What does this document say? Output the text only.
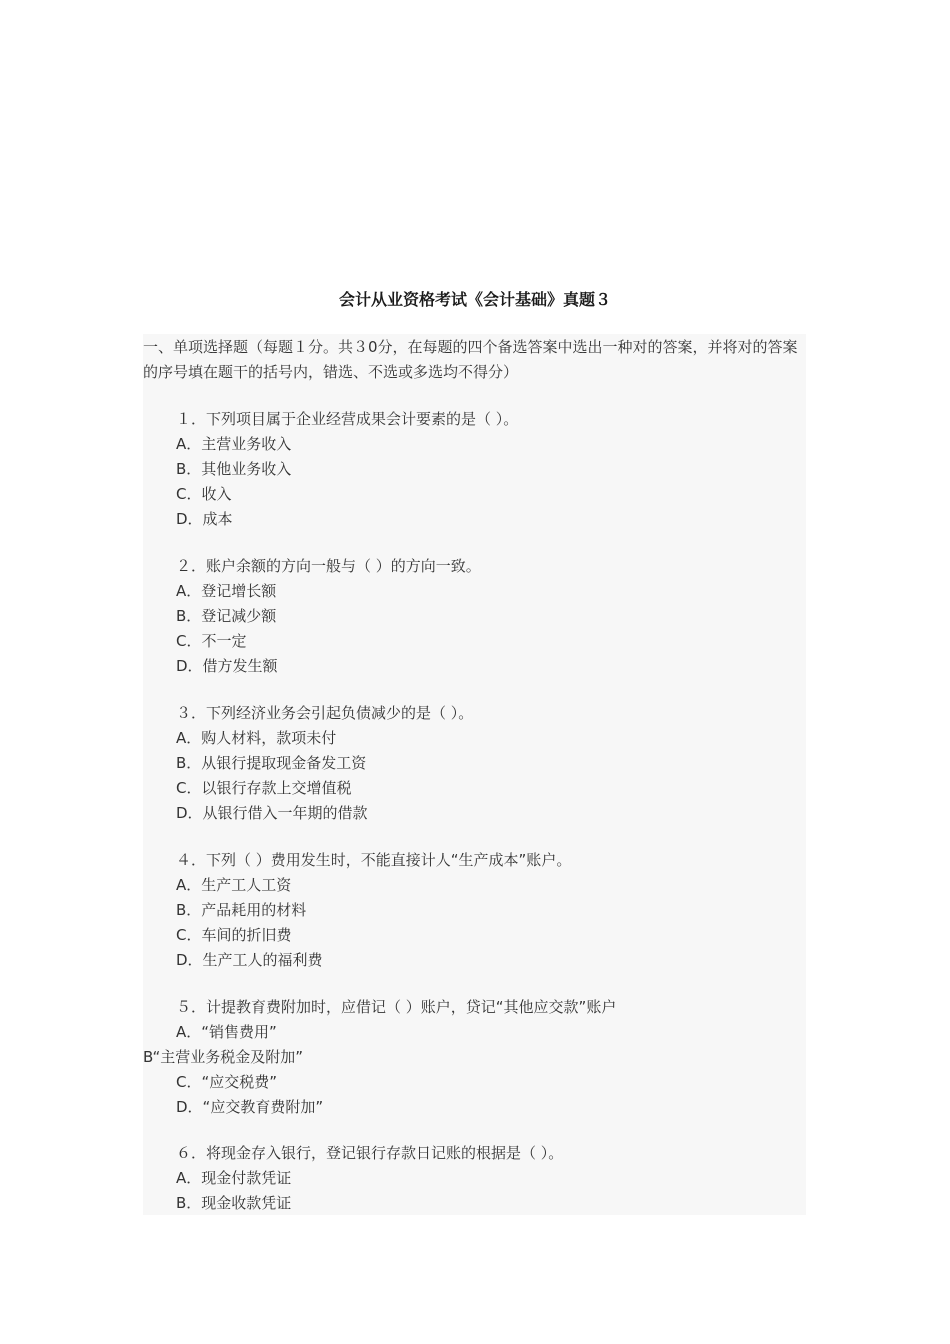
会计从业资格考试《会计基础》真题３

一、单项选择题（每题１分。共３0分，在每题的四个备选答案中选出一种对的答案，并将对的答案的序号填在题干的括号内，错选、不选或多选均不得分）

１．下列项目属于企业经营成果会计要素的是（ ）。
A．主营业务收入
B．其他业务收入
C．收入
D．成本
２．账户余额的方向一般与（ ）的方向一致。
A．登记增长额
B．登记减少额
C．不一定
D．借方发生额
３．下列经济业务会引起负债减少的是（ ）。
A．购人材料，款项未付
B．从银行提取现金备发工资
C．以银行存款上交增值税
D．从银行借入一年期的借款
４．下列（ ）费用发生时，不能直接计人“生产成本”账户。
A．生产工人工资
B．产品耗用的材料
C．车间的折旧费
D．生产工人的福利费
５．计提教育费附加时，应借记（ ）账户，贷记“其他应交款”账户
A．“销售费用”
B“主营业务税金及附加”
C．“应交税费”
D．“应交教育费附加”
６．将现金存入银行，登记银行存款日记账的根据是（ ）。
A．现金付款凭证
B．现金收款凭证
